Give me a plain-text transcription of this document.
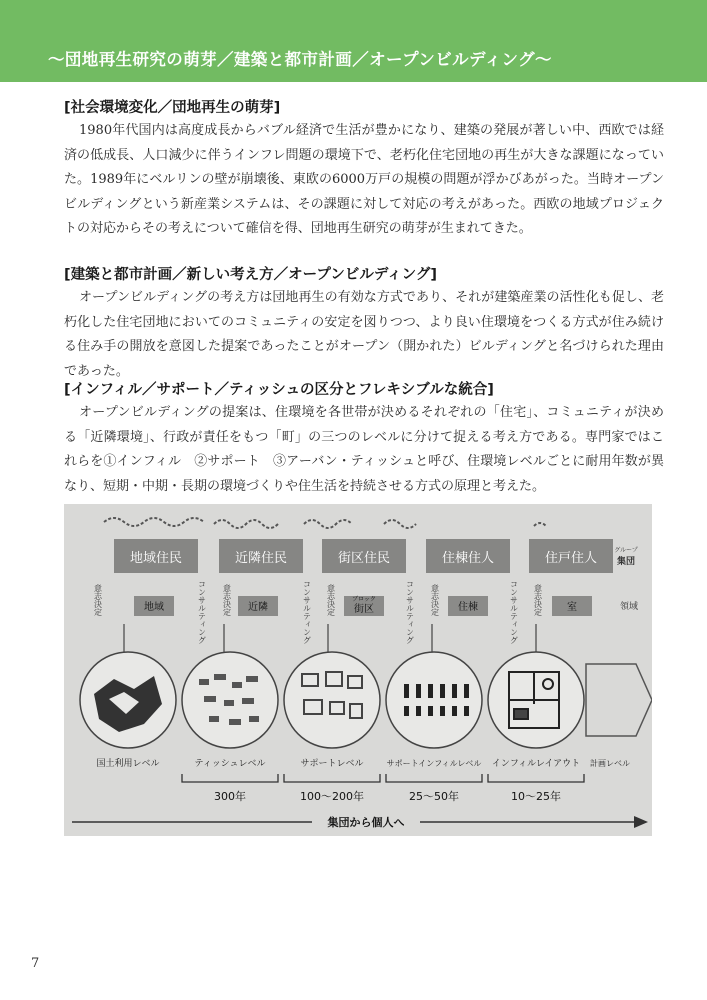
〜団地再生研究の萌芽／建築と都市計画／オープンビルディング〜
[社会環境変化／団地再生の萌芽]

1980年代国内は高度成長からバブル経済で生活が豊かになり、建築の発展が著しい中、西欧では経済の低成長、人口減少に伴うインフレ問題の環境下で、老朽化住宅団地の再生が大きな課題になっていた。1989年にベルリンの壁が崩壊後、東欧の6000万戸の規模の問題が浮かびあがった。当時オープンビルディングという新産業システムは、その課題に対して対応の考えがあった。西欧の地域プロジェクトの対応からその考えについて確信を得、団地再生研究の萌芽が生まれてきた。

[建築と都市計画／新しい考え方／オープンビルディング]

オープンビルディングの考え方は団地再生の有効な方式であり、それが建築産業の活性化も促し、老朽化した住宅団地においてのコミュニティの安定を図りつつ、より良い住環境をつくる方式が住み続ける住み手の開放を意図した提案であったことがオープン（開かれた）ビルディングと名づけられた理由であった。

[インフィル／サポート／ティッシュの区分とフレキシブルな統合]

オープンビルディングの提案は、住環境を各世帯が決めるそれぞれの「住宅」、コミュニティが決める「近隣環境」、行政が責任をもつ「町」の三つのレベルに分けて捉える考え方である。専門家ではこれらを①インフィル　②サポート　③アーバン・ティッシュと呼び、住環境レベルごとに耐用年数が異なり、短期・中期・長期の環境づくりや住生活を持続させる方式の原理と考えた。

地域住民	近隣住民	街区住民	住棟住人	住戸住人
グループ
集団
地域	近隣	街区
ブロック
住棟	室	領域
意志決定	コンサルティング 意志決定	コンサルティング 意志決定	コンサルティング 意志決定	コンサルティング 意志決定
国土利用レベル	ティッシュレベル	サポートレベル	サポートインフィルレベル インフィルレイアウト 計画レベル
300年	100〜200年	25〜50年	10〜25年
集団から個人へ
7
